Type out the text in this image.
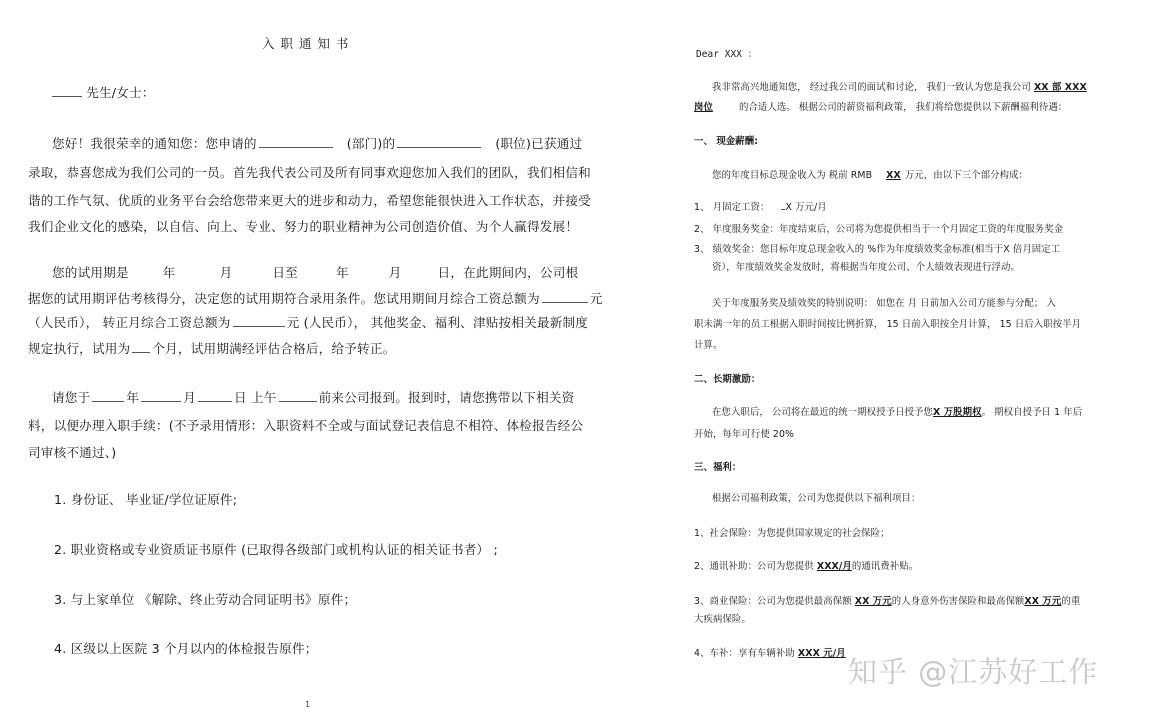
入 职 通 知 书
先生/女士：
您好！我很荣幸的通知您：您申请的	(部门)的	(职位)已获通过
录取，恭喜您成为我们公司的一员。首先我代表公司及所有同事欢迎您加入我们的团队，我们相信和
谐的工作气氛、优质的业务平台会给您带来更大的进步和动力，希望您能很快进入工作状态，并接受
我们企业文化的感染，以自信、向上、专业、努力的职业精神为公司创造价值、为个人赢得发展！
您的试用期是	年	月	日至	年	月	日，在此期间内，公司根
据您的试用期评估考核得分，决定您的试用期符合录用条件。您试用期间月综合工资总额为	元
（人民币）， 转正月综合工资总额为	元 (人民币）， 其他奖金、福利、津贴按相关最新制度
规定执行，试用为 个月，试用期满经评估合格后，给予转正。
请您于	年	月	日 上午	前来公司报到。报到时，请您携带以下相关资
料，以便办理入职手续：(不予录用情形：入职资料不全或与面试登记表信息不相符、体检报告经公
司审核不通过、)
1. 身份证、 毕业证/学位证原件;
2. 职业资格或专业资质证书原件 (已取得各级部门或机构认证的相关证书者） ;
3. 与上家单位 《解除、终止劳动合同证明书》原件；
4. 区级以上医院 3 个月以内的体检报告原件；
1
Dear XXX ：
我非常高兴地通知您， 经过我公司的面试和讨论， 我们一致认为您是我公司 XX 部 XXX
岗位	的合适人选。 根据公司的薪资福利政策， 我们将给您提供以下薪酬福利待遇：
一、 现金薪酬:
您的年度目标总现金收入为 税前 RMB XX 万元，由以下三个部分构成：
1、 月固定工资： X 万元/月
2、 年度服务奖金：年度结束后，公司将为您提供相当于一个月固定工资的年度服务奖金
3、 绩效奖金：您目标年度总现金收入的 %作为年度绩效奖金标准(相当于X 倍月固定工
资），年度绩效奖金发放时，将根据当年度公司、个人绩效表现进行浮动。
关于年度服务奖及绩效奖的特别说明： 如您在 月 日前加入公司方能参与分配； 入
职未满一年的员工根据入职时间按比例折算， 15 日前入职按全月计算， 15 日后入职按半月
计算。
二、长期激励：
在您入职后， 公司将在最近的统一期权授予日授予您X 万股期权。 期权自授予日 1 年后
开始，每年可行使 20%
三、福利：
根据公司福利政策，公司为您提供以下福利项目：
1、社会保险：为您提供国家规定的社会保险；
2、通讯补助：公司为您提供 XXX/月的通讯费补贴。
3、商业保险：公司为您提供最高保额 XX 万元的人身意外伤害保险和最高保额XX 万元的重
大疾病保险。
4、车补：享有车辆补助 XXX 元/月
知乎 @江苏好工作
